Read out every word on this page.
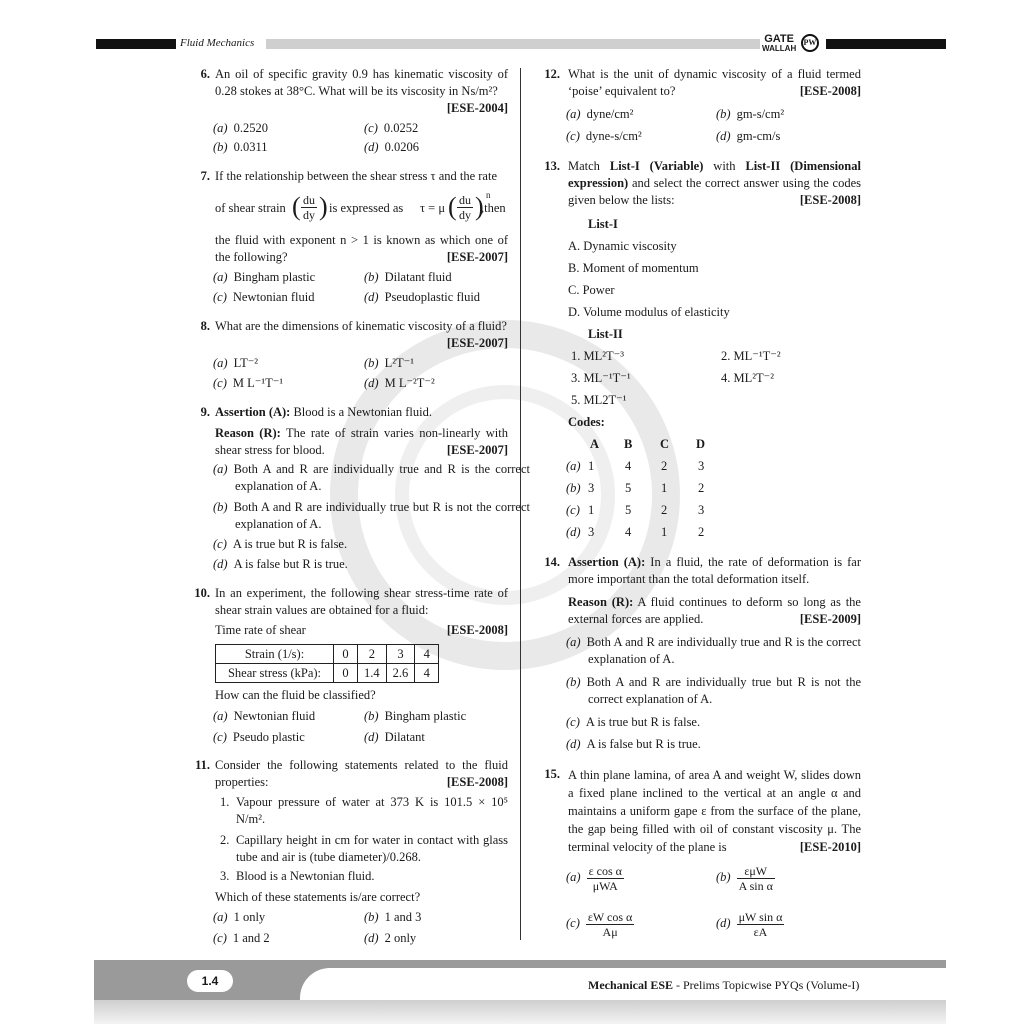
Fluid Mechanics	GATE
WALLAH
PW
6. An oil of specific gravity 0.9 has kinematic viscosity of 0.28 stokes at 38°C. What will be its viscosity in Ns/m²?

[ESE-2004]
(a) 0.2520	(c) 0.0252
(b) 0.0311	(d) 0.0206
7. If the relationship between the shear stress τ and the rate
of shear strain ( $\frac{du}{dy}$ ) is expressed as τ = μ ( $\frac{du}{dy}$ ) n
,then
the fluid with exponent n > 1 is known as which one of the following?	[ESE-2007]
(a) Bingham plastic	(b) Dilatant fluid
(c) Newtonian fluid	(d) Pseudoplastic fluid
8. What are the dimensions of kinematic viscosity of a fluid?
[ESE-2007]
(a) LT⁻²	(b) L²T⁻¹
(c) M L⁻¹T⁻¹	(d) M L⁻²T⁻²
9. Assertion (A): Blood is a Newtonian fluid.
Reason (R): The rate of strain varies non-linearly with shear stress for blood.	[ESE-2007]
(a) Both A and R are individually true and R is the correct explanation of A.
(b) Both A and R are individually true but R is not the correct explanation of A.
(c) A is true but R is false.
(d) A is false but R is true.
10. In an experiment, the following shear stress-time rate of shear strain values are obtained for a fluid:
Time rate of shear	[ESE-2008]
Strain (1/s):	0	2	3	4
Shear stress (kPa):	0	1.4	2.6	4
How can the fluid be classified?
(a) Newtonian fluid	(b) Bingham plastic
(c) Pseudo plastic	(d) Dilatant
11. Consider the following statements related to the fluid properties:	[ESE-2008]
1. Vapour pressure of water at 373 K is 101.5 × 10⁵ N/m².
2. Capillary height in cm for water in contact with glass tube and air is (tube diameter)/0.268.
3. Blood is a Newtonian fluid.
Which of these statements is/are correct?
(a) 1 only	(b) 1 and 3
(c) 1 and 2	(d) 2 only
12. What is the unit of dynamic viscosity of a fluid termed ‘poise’ equivalent to?	[ESE-2008]
(a) dyne/cm²	(b) gm-s/cm²
(c) dyne-s/cm²	(d) gm-cm/s
13. Match List-I (Variable) with List-II (Dimensional expression) and select the correct answer using the codes given below the lists:	[ESE-2008]
List-I
A. Dynamic viscosity
B. Moment of momentum
C. Power
D. Volume modulus of elasticity
List-II
1. ML²T⁻³	2. ML⁻¹T⁻²
3. ML⁻¹T⁻¹	4. ML²T⁻²
5. ML2T⁻¹
Codes:
A B C D
(a) 1 4 2 3
(b) 3 5 1 2
(c) 1 5 2 3
(d) 3 4 1 2
14. Assertion (A): In a fluid, the rate of deformation is far more important than the total deformation itself.
Reason (R): A fluid continues to deform so long as the external forces are applied.	[ESE-2009]
(a) Both A and R are individually true and R is the correct explanation of A.
(b) Both A and R are individually true but R is not the correct explanation of A.
(c) A is true but R is false.
(d) A is false but R is true.
15. A thin plane lamina, of area A and weight W, slides down a fixed plane inclined to the vertical at an angle α and maintains a uniform gape ε from the surface of the plane, the gap being filled with oil of constant viscosity μ. The terminal velocity of the plane is	[ESE-2010]
$(a) \frac{\text{ε cos α}}{\text{μWA}}$	$(b) \frac{\text{εμW}}{\text{A sin α}}$
$(c) \frac{\text{εW cos α}}{A\mu}$	$(d) \frac{\text{μW sin α}}{\varepsilon A}$
1.4	Mechanical ESE - Prelims Topicwise PYQs (Volume-I)
